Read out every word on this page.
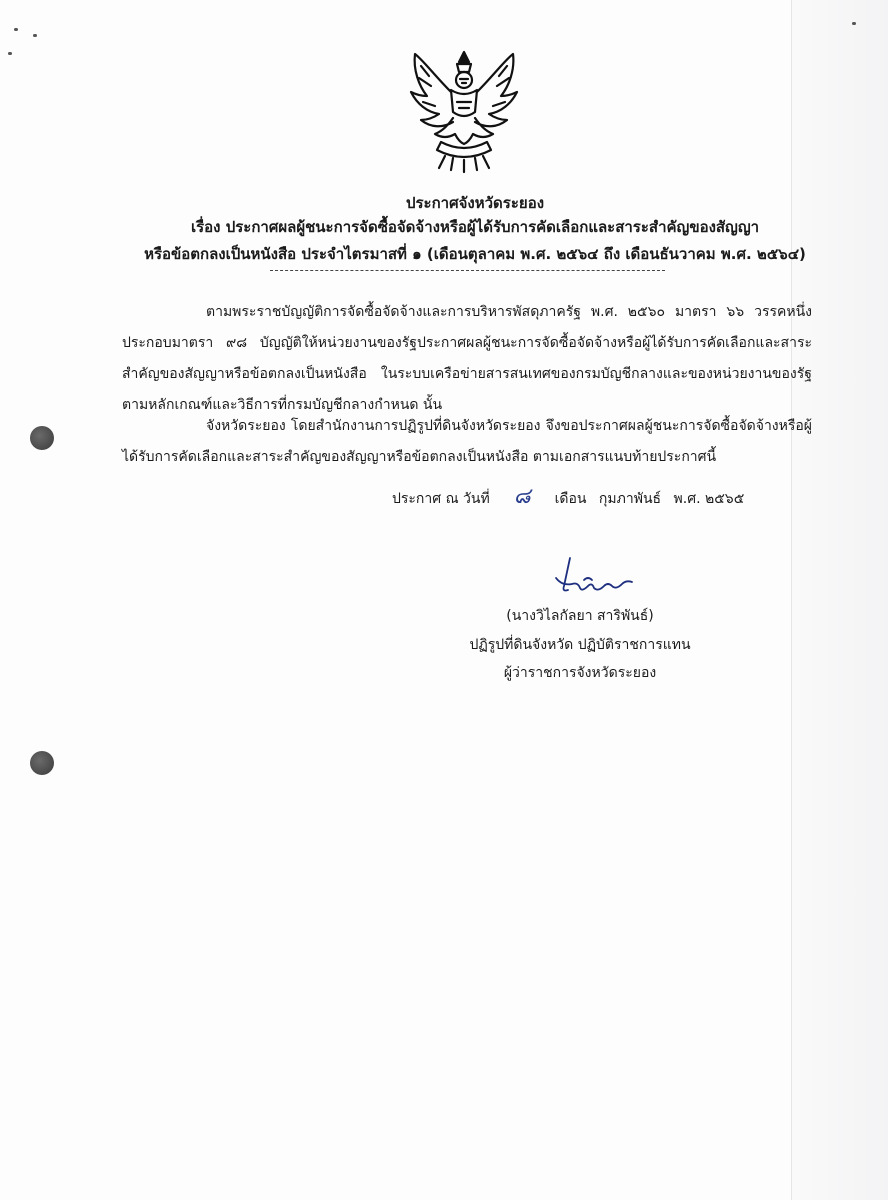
ประกาศจังหวัดระยอง
เรื่อง ประกาศผลผู้ชนะการจัดซื้อจัดจ้างหรือผู้ได้รับการคัดเลือกและสาระสำคัญของสัญญา
หรือข้อตกลงเป็นหนังสือ ประจำไตรมาสที่ ๑ (เดือนตุลาคม พ.ศ. ๒๕๖๔ ถึง เดือนธันวาคม พ.ศ. ๒๕๖๔)
ตามพระราชบัญญัติการจัดซื้อจัดจ้างและการบริหารพัสดุภาครัฐ พ.ศ. ๒๕๖๐ มาตรา ๖๖ วรรคหนึ่ง ประกอบมาตรา ๙๘ บัญญัติให้หน่วยงานของรัฐประกาศผลผู้ชนะการจัดซื้อจัดจ้างหรือผู้ได้รับการคัดเลือกและสาระสำคัญของสัญญาหรือข้อตกลงเป็นหนังสือ ในระบบเครือข่ายสารสนเทศของกรมบัญชีกลางและของหน่วยงานของรัฐตามหลักเกณฑ์และวิธีการที่กรมบัญชีกลางกำหนด นั้น
จังหวัดระยอง โดยสำนักงานการปฏิรูปที่ดินจังหวัดระยอง จึงขอประกาศผลผู้ชนะการจัดซื้อจัดจ้างหรือผู้ได้รับการคัดเลือกและสาระสำคัญของสัญญาหรือข้อตกลงเป็นหนังสือ ตามเอกสารแนบท้ายประกาศนี้
ประกาศ ณ วันที่ ๘ เดือน กุมภาพันธ์ พ.ศ. ๒๕๖๕
(นางวิไลกัลยา สาริพันธ์)
ปฏิรูปที่ดินจังหวัด ปฏิบัติราชการแทน
ผู้ว่าราชการจังหวัดระยอง
